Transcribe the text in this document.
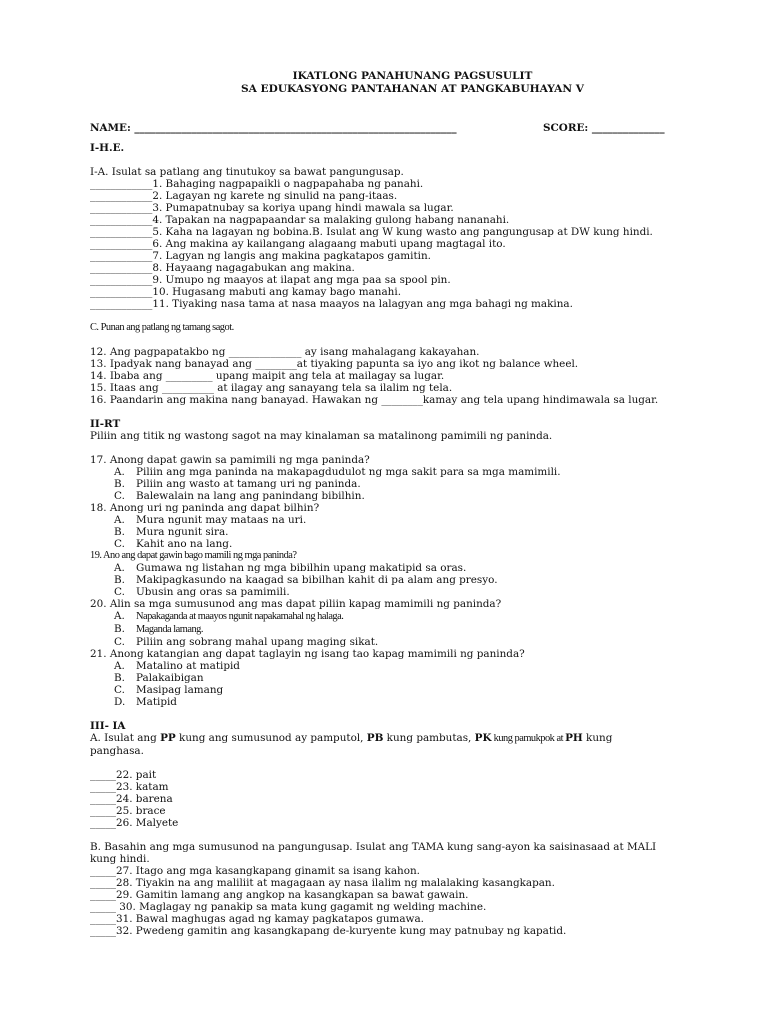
IKATLONG PANAHUNANG PAGSUSULIT
SA EDUKASYONG PANTAHANAN AT PANGKABUHAYAN V
NAME: ______________________________________________________________	SCORE: ______________
I-H.E.
I-A. Isulat sa patlang ang tinutukoy sa bawat pangungusap.
____________1. Bahaging nagpapaikli o nagpapahaba ng panahi.
____________2. Lagayan ng karete ng sinulid na pang-itaas.
____________3. Pumapatnubay sa koriya upang hindi mawala sa lugar.
____________4. Tapakan na nagpapaandar sa malaking gulong habang nananahi.
____________5. Kaha na lagayan ng bobina.B. Isulat ang W kung wasto ang pangungusap at DW kung hindi.
____________6. Ang makina ay kailangang alagaang mabuti upang magtagal ito.
____________7. Lagyan ng langis ang makina pagkatapos gamitin.
____________8. Hayaang nagagabukan ang makina.
____________9. Umupo ng maayos at ilapat ang mga paa sa spool pin.
____________10. Hugasang mabuti ang kamay bago manahi.
____________11. Tiyaking nasa tama at nasa maayos na lalagyan ang mga bahagi ng makina.
C. Punan ang patlang ng tamang sagot.
12. Ang pagpapatakbo ng ______________ ay isang mahalagang kakayahan.
13. Ipadyak nang banayad ang ________at tiyaking papunta sa iyo ang ikot ng balance wheel.
14. Ibaba ang _________ upang maipit ang tela at mailagay sa lugar.
15. Itaas ang __________ at ilagay ang sanayang tela sa ilalim ng tela.
16. Paandarin ang makina nang banayad. Hawakan ng ________kamay ang tela upang hindimawala sa lugar.
II-RT
Piliin ang titik ng wastong sagot na may kinalaman sa matalinong pamimili ng paninda.
17. Anong dapat gawin sa pamimili ng mga paninda?
A. Piliin ang mga paninda na makapagdudulot ng mga sakit para sa mga mamimili.
B. Piliin ang wasto at tamang uri ng paninda.
C. Balewalain na lang ang panindang bibilhin.
18. Anong uri ng paninda ang dapat bilhin?
A. Mura ngunit may mataas na uri.
B. Mura ngunit sira.
C. Kahit ano na lang.
19. Ano ang dapat gawin bago mamili ng mga paninda?
A. Gumawa ng listahan ng mga bibilhin upang makatipid sa oras.
B. Makipagkasundo na kaagad sa bibilhan kahit di pa alam ang presyo.
C. Ubusin ang oras sa pamimili.
20. Alin sa mga sumusunod ang mas dapat piliin kapag mamimili ng paninda?
A. Napakaganda at maayos ngunit napakamahal ng halaga.
B. Maganda lamang.
C. Piliin ang sobrang mahal upang maging sikat.
21. Anong katangian ang dapat taglayin ng isang tao kapag mamimili ng paninda?
A. Matalino at matipid
B. Palakaibigan
C. Masipag lamang
D. Matipid
III- IA
A. Isulat ang PP kung ang sumusunod ay pamputol, PB kung pambutas, PK kung pamukpok at PH kung
panghasa.
_____22. pait
_____23. katam
_____24. barena
_____25. brace
_____26. Malyete
B. Basahin ang mga sumusunod na pangungusap. Isulat ang TAMA kung sang-ayon ka saisinasaad at MALI
kung hindi.
_____27. Itago ang mga kasangkapang ginamit sa isang kahon.
_____28. Tiyakin na ang maliliit at magagaan ay nasa ilalim ng malalaking kasangkapan.
_____29. Gamitin lamang ang angkop na kasangkapan sa bawat gawain.
_____ 30. Maglagay ng panakip sa mata kung gagamit ng welding machine.
_____31. Bawal maghugas agad ng kamay pagkatapos gumawa.
_____32. Pwedeng gamitin ang kasangkapang de-kuryente kung may patnubay ng kapatid.
